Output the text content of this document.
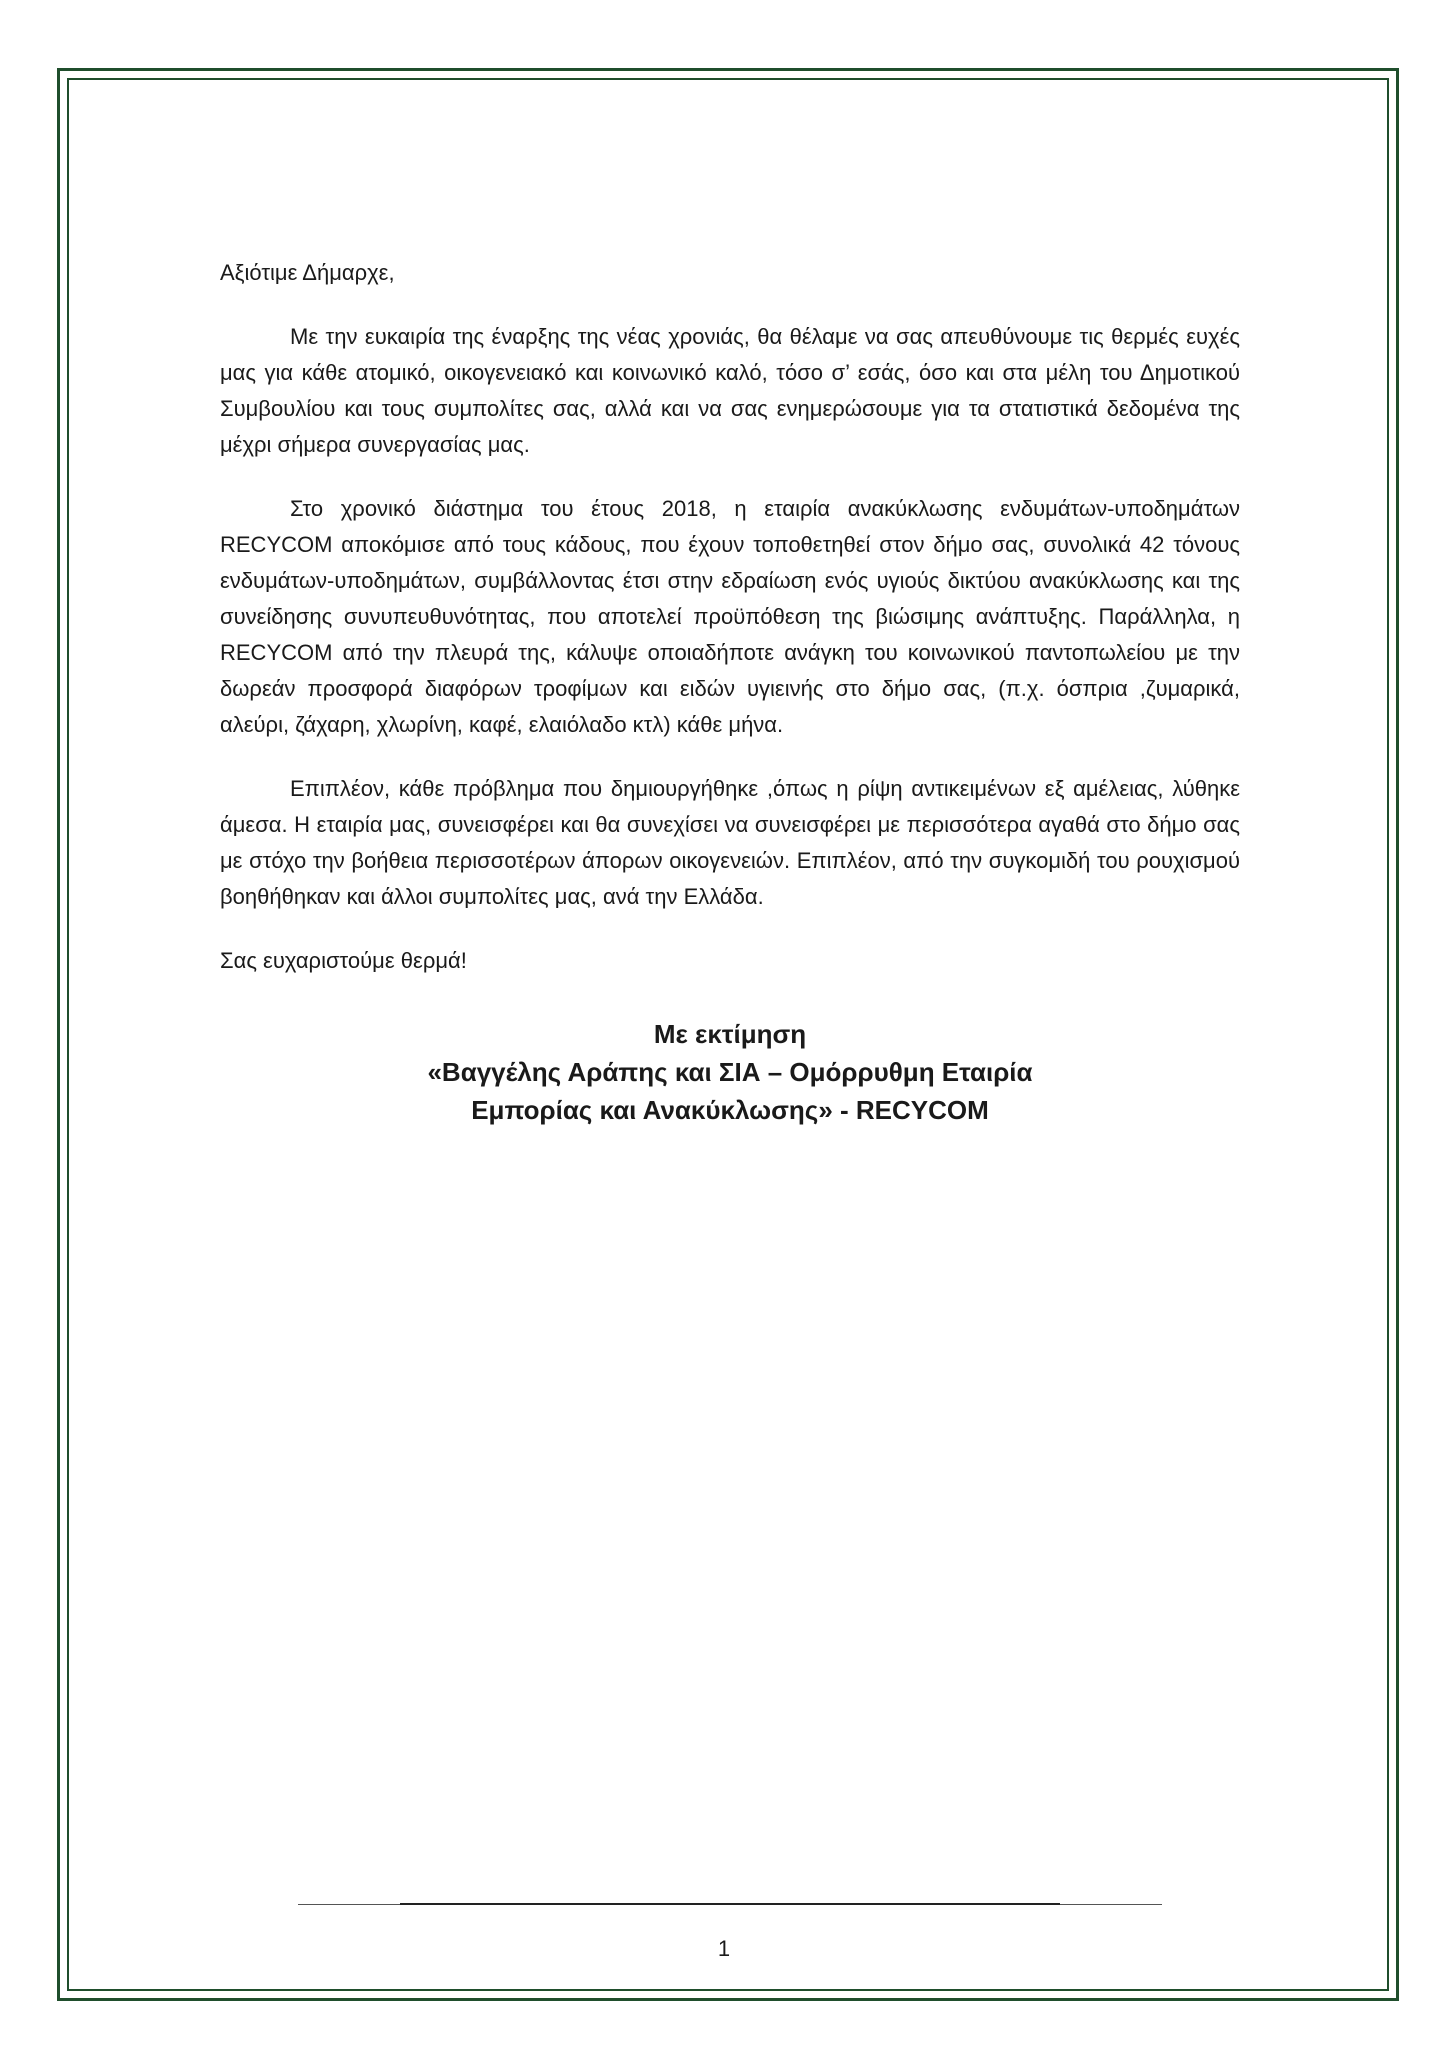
Αξιότιμε Δήμαρχε,

Με την ευκαιρία της έναρξης της νέας χρονιάς, θα θέλαμε να σας απευθύνουμε τις θερμές ευχές μας για κάθε ατομικό, οικογενειακό και κοινωνικό καλό, τόσο σ’ εσάς, όσο και στα μέλη του Δημοτικού Συμβουλίου και τους συμπολίτες σας, αλλά και να σας ενημερώσουμε για τα στατιστικά δεδομένα της μέχρι σήμερα συνεργασίας μας.

Στο χρονικό διάστημα του έτους 2018, η εταιρία ανακύκλωσης ενδυμάτων-υποδημάτων RECYCOM αποκόμισε από τους κάδους, που έχουν τοποθετηθεί στον δήμο σας, συνολικά 42 τόνους ενδυμάτων-υποδημάτων, συμβάλλοντας έτσι στην εδραίωση ενός υγιούς δικτύου ανακύκλωσης και της συνείδησης συνυπευθυνότητας, που αποτελεί προϋπόθεση της βιώσιμης ανάπτυξης. Παράλληλα, η RECYCOM από την πλευρά της, κάλυψε οποιαδήποτε ανάγκη του κοινωνικού παντοπωλείου με την δωρεάν προσφορά διαφόρων τροφίμων και ειδών υγιεινής στο δήμο σας, (π.χ. όσπρια ,ζυμαρικά, αλεύρι, ζάχαρη, χλωρίνη, καφέ, ελαιόλαδο κτλ) κάθε μήνα.

Επιπλέον, κάθε πρόβλημα που δημιουργήθηκε ,όπως η ρίψη αντικειμένων εξ αμέλειας, λύθηκε άμεσα. Η εταιρία μας, συνεισφέρει και θα συνεχίσει να συνεισφέρει με περισσότερα αγαθά στο δήμο σας με στόχο την βοήθεια περισσοτέρων άπορων οικογενειών. Επιπλέον, από την συγκομιδή του ρουχισμού βοηθήθηκαν και άλλοι συμπολίτες μας, ανά την Ελλάδα.

Σας ευχαριστούμε θερμά!

Με εκτίμηση
«Βαγγέλης Αράπης και ΣΙΑ – Ομόρρυθμη Εταιρία
Εμπορίας και Ανακύκλωσης» - RECYCOM
1
